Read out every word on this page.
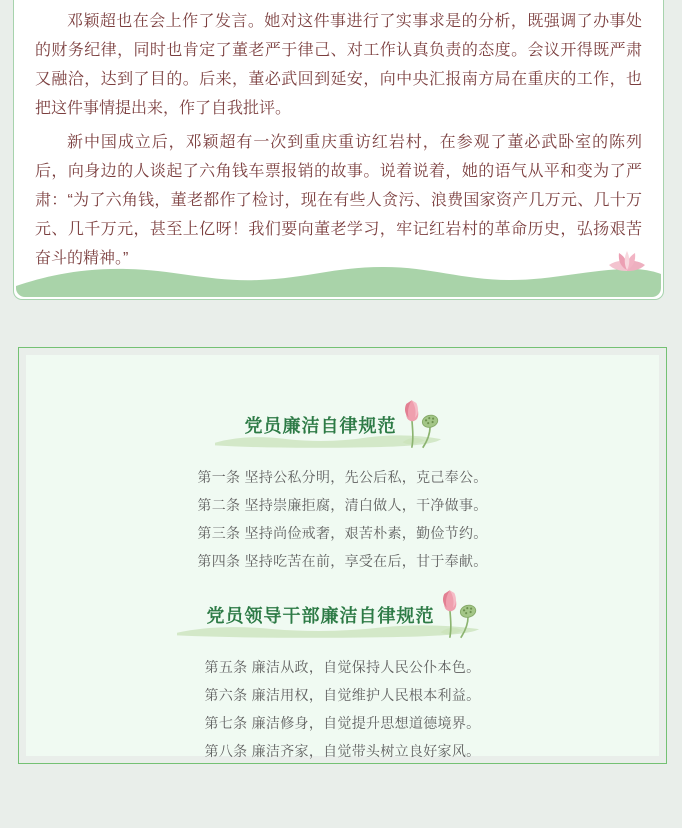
邓颖超也在会上作了发言。她对这件事进行了实事求是的分析，既强调了办事处的财务纪律，同时也肯定了董老严于律己、对工作认真负责的态度。会议开得既严肃又融洽，达到了目的。后来，董必武回到延安，向中央汇报南方局在重庆的工作，也把这件事情提出来，作了自我批评。

新中国成立后，邓颖超有一次到重庆重访红岩村，在参观了董必武卧室的陈列后，向身边的人谈起了六角钱车票报销的故事。说着说着，她的语气从平和变为了严肃：“为了六角钱，董老都作了检讨，现在有些人贪污、浪费国家资产几万元、几十万元、几千万元，甚至上亿呀！我们要向董老学习，牢记红岩村的革命历史，弘扬艰苦奋斗的精神。”

党员廉洁自律规范
第一条 坚持公私分明，先公后私，克己奉公。
第二条 坚持崇廉拒腐，清白做人，干净做事。
第三条 坚持尚俭戒奢，艰苦朴素，勤俭节约。
第四条 坚持吃苦在前，享受在后，甘于奉献。
党员领导干部廉洁自律规范
第五条 廉洁从政，自觉保持人民公仆本色。
第六条 廉洁用权，自觉维护人民根本利益。
第七条 廉洁修身，自觉提升思想道德境界。
第八条 廉洁齐家，自觉带头树立良好家风。
